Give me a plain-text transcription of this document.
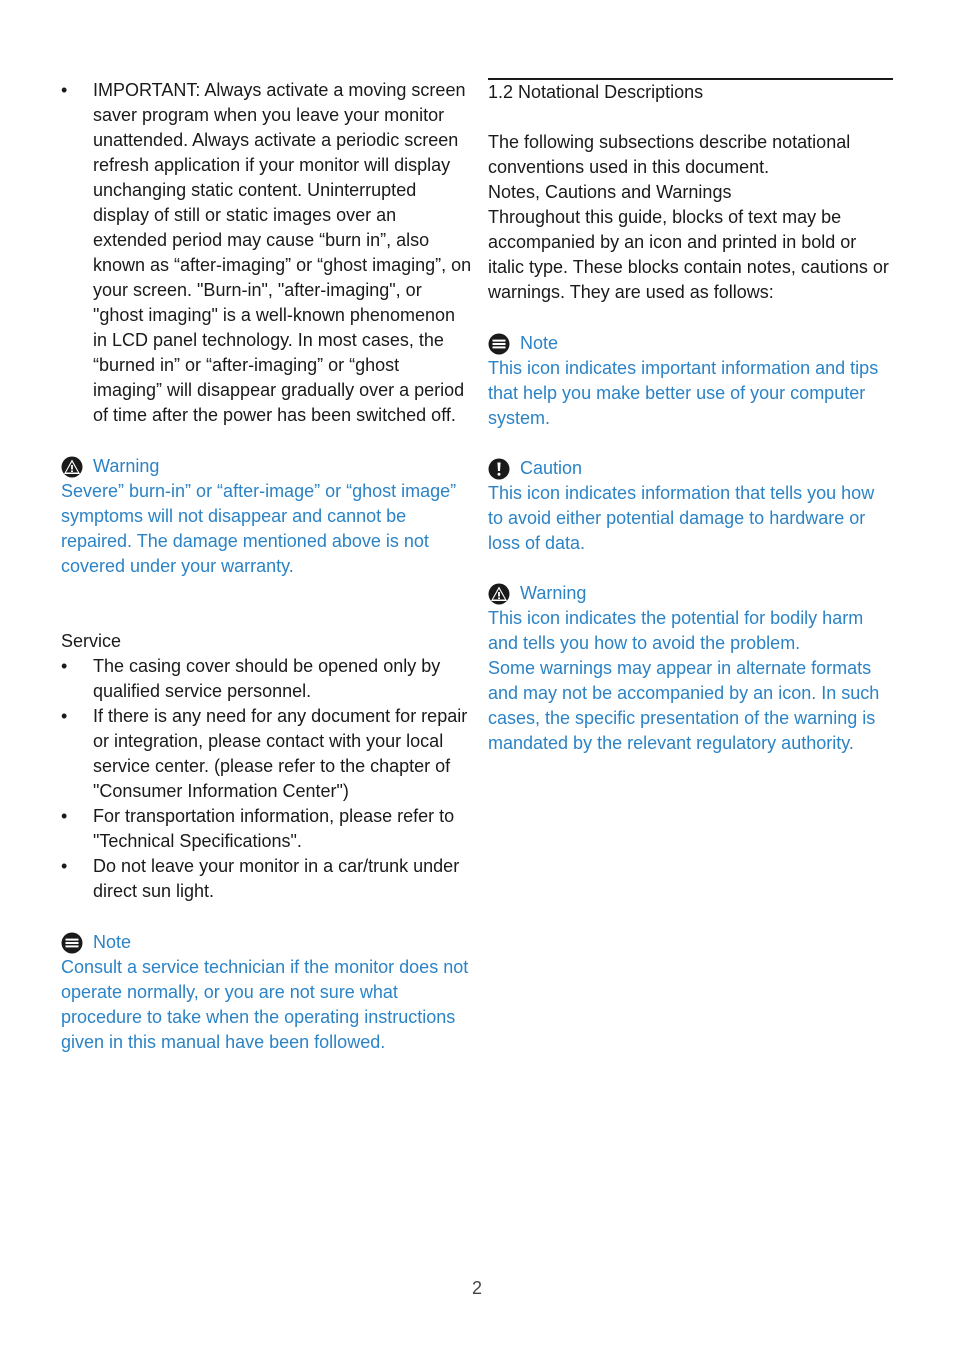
• IMPORTANT: Always activate a moving screen saver program when you leave your monitor unattended. Always activate a periodic screen refresh application if your monitor will display unchanging static content. Uninterrupted display of still or static images over an extended period may cause “burn in”, also known as “after-imaging” or “ghost imaging”, on your screen. "Burn-in", "after-imaging", or "ghost imaging" is a well-known phenomenon in LCD panel technology. In most cases, the “burned in” or “after-imaging” or “ghost imaging” will disappear gradually over a period of time after the power has been switched off.
Warning

Severe” burn-in” or “after-image” or “ghost image” symptoms will not disappear and cannot be repaired. The damage mentioned above is not covered under your warranty.

Service

• The casing cover should be opened only by qualified service personnel.
• If there is any need for any document for repair or integration, please contact with your local service center. (please refer to the chapter of "Consumer Information Center")
• For transportation information, please refer to "Technical Specifications".
• Do not leave your monitor in a car/trunk under direct sun light.
Note

Consult a service technician if the monitor does not operate normally, or you are not sure what procedure to take when the operating instructions given in this manual have been followed.

1.2 Notational Descriptions

The following subsections describe notational conventions used in this document.

Notes, Cautions and Warnings

Throughout this guide, blocks of text may be accompanied by an icon and printed in bold or italic type. These blocks contain notes, cautions or warnings. They are used as follows:

Note

This icon indicates important information and tips that help you make better use of your computer system.

Caution

This icon indicates information that tells you how to avoid either potential damage to hardware or loss of data.

Warning

This icon indicates the potential for bodily harm and tells you how to avoid the problem.

Some warnings may appear in alternate formats and may not be accompanied by an icon. In such cases, the specific presentation of the warning is mandated by the relevant regulatory authority.

2
